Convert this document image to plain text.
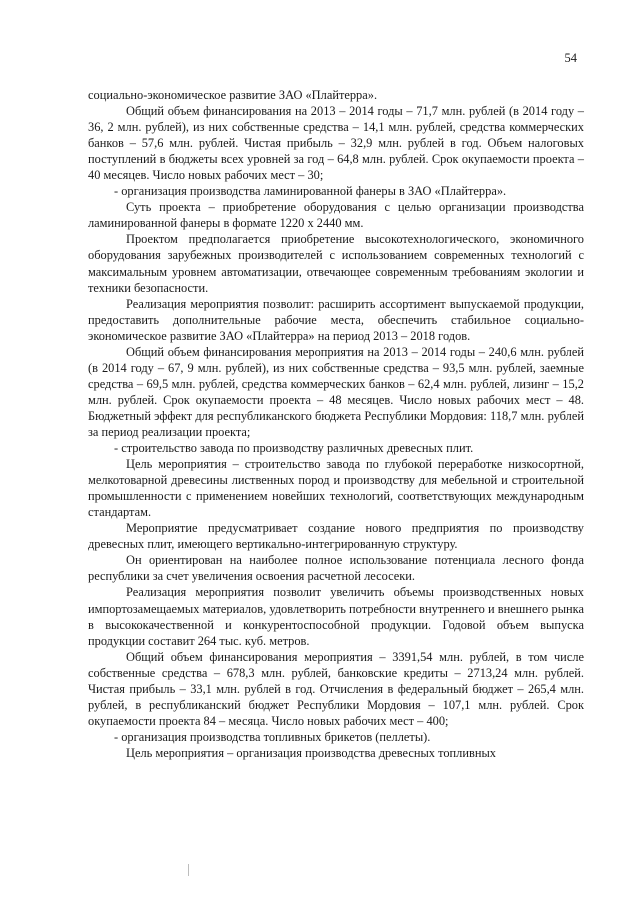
54

социально-экономическое развитие ЗАО «Плайтерра».

Общий объем финансирования на 2013 – 2014 годы – 71,7 млн. рублей (в 2014 году – 36, 2 млн. рублей), из них собственные средства – 14,1 млн. рублей, средства коммерческих банков – 57,6 млн. рублей. Чистая прибыль – 32,9 млн. рублей в год. Объем налоговых поступлений в бюджеты всех уровней за год – 64,8 млн. рублей. Срок окупаемости проекта – 40 месяцев. Число новых рабочих мест – 30;

- организация производства ламинированной фанеры в ЗАО «Плайтерра».

Суть проекта – приобретение оборудования с целью организации производства ламинированной фанеры в формате 1220 х 2440 мм.

Проектом предполагается приобретение высокотехнологического, экономичного оборудования зарубежных производителей с использованием современных технологий с максимальным уровнем автоматизации, отвечающее современным требованиям экологии и техники безопасности.

Реализация мероприятия позволит: расширить ассортимент выпускаемой продукции, предоставить дополнительные рабочие места, обеспечить стабильное социально-экономическое развитие ЗАО «Плайтерра» на период 2013 – 2018 годов.

Общий объем финансирования мероприятия на 2013 – 2014 годы – 240,6 млн. рублей (в 2014 году – 67, 9 млн. рублей), из них собственные средства – 93,5 млн. рублей, заемные средства – 69,5 млн. рублей, средства коммерческих банков – 62,4 млн. рублей, лизинг – 15,2 млн. рублей. Срок окупаемости проекта – 48 месяцев. Число новых рабочих мест – 48. Бюджетный эффект для республиканского бюджета Республики Мордовия: 118,7 млн. рублей за период реализации проекта;

- строительство завода по производству различных древесных плит.

Цель мероприятия – строительство завода по глубокой переработке низкосортной, мелкотоварной древесины лиственных пород и производству для мебельной и строительной промышленности с применением новейших технологий, соответствующих международным стандартам.

Мероприятие предусматривает создание нового предприятия по производству древесных плит, имеющего вертикально-интегрированную структуру.

Он ориентирован на наиболее полное использование потенциала лесного фонда республики за счет увеличения освоения расчетной лесосеки.

Реализация мероприятия позволит увеличить объемы производственных новых импортозамещаемых материалов, удовлетворить потребности внутреннего и внешнего рынка в высококачественной и конкурентоспособной продукции. Годовой объем выпуска продукции составит 264 тыс. куб. метров.

Общий объем финансирования мероприятия – 3391,54 млн. рублей, в том числе собственные средства – 678,3 млн. рублей, банковские кредиты – 2713,24 млн. рублей. Чистая прибыль – 33,1 млн. рублей в год. Отчисления в федеральный бюджет – 265,4 млн. рублей, в республиканский бюджет Республики Мордовия – 107,1 млн. рублей. Срок окупаемости проекта 84 – месяца. Число новых рабочих мест – 400;

- организация производства топливных брикетов (пеллеты).

Цель мероприятия – организация производства древесных топливных
